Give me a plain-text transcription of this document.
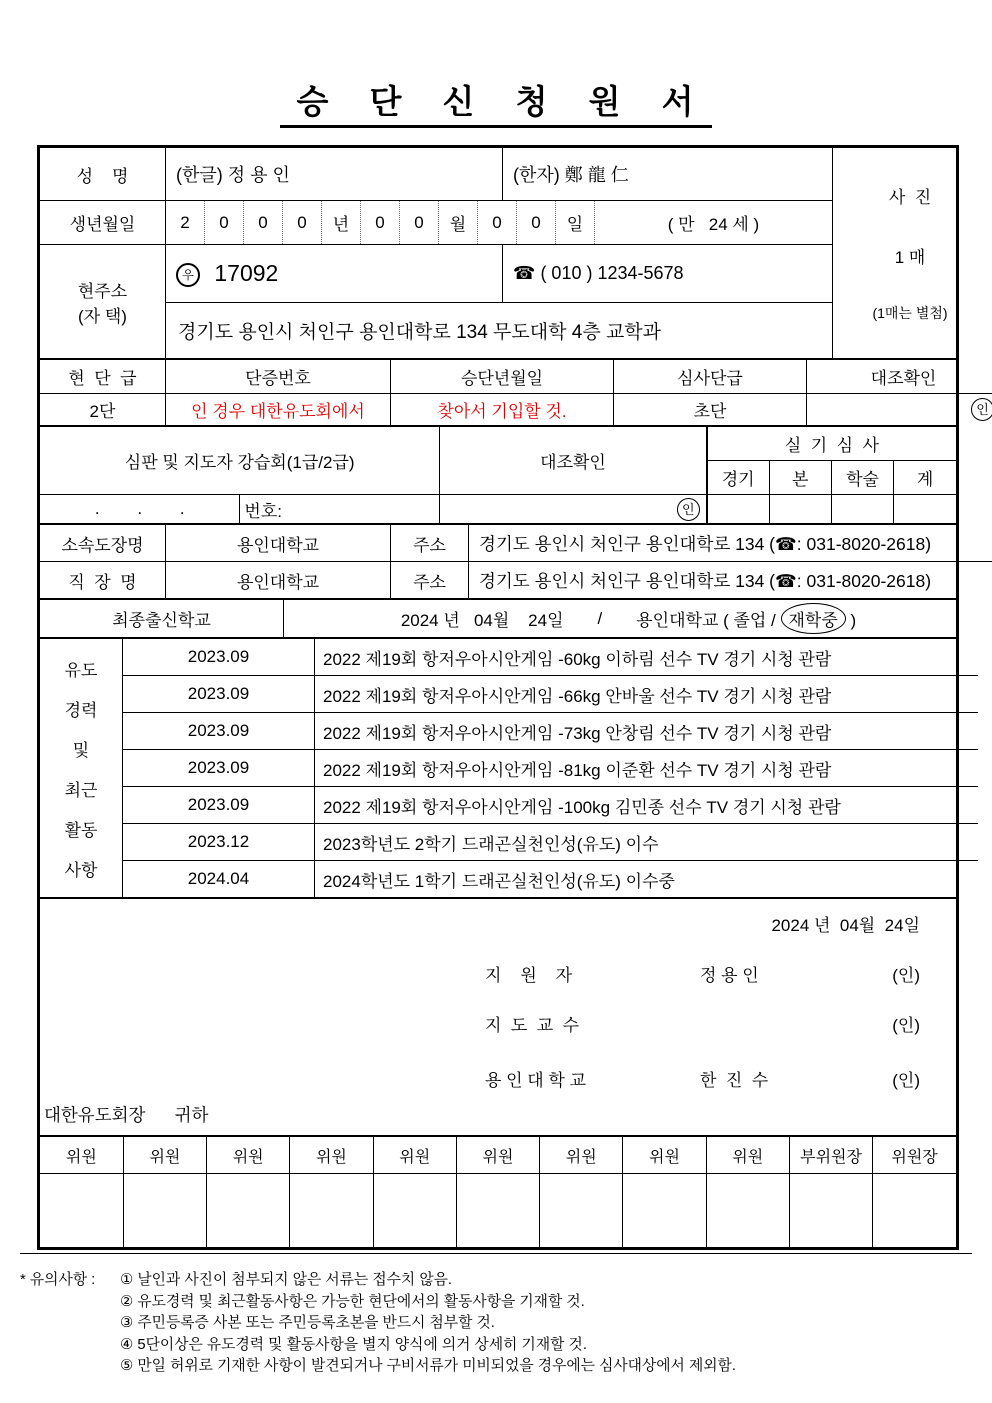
승 단 신 청 원 서
성    명	(한글) 정 용 인	(한자) 鄭 龍 仁	사  진
1 매
(1매는 별첨)

생년월일	2	0	0	0	년	0	0	월	0	0	일	( 만   24 세 )

현주소
(자 택)	우 17092	☎ ( 010 ) 1234-5678	
	경기도 용인시 처인구 용인대학로 134 무도대학 4층 교학과		
현  단  급	단증번호	승단년월일	심사단급	대조확인
2단	인 경우 대한유도회에서	찾아서 기입할 것.	초단	인
심판 및 지도자 강습회(1급/2급)		대조확인	실  기  심  사			
			경기	본	학술	계
.        .        .	번호:	인				
소속도장명	용인대학교	주소	경기도 용인시 처인구 용인대학로 134 (☎: 031-8020-2618)
직  장  명	용인대학교	주소	경기도 용인시 처인구 용인대학로 134 (☎: 031-8020-2618)
최종출신학교	2024 년   04월    24일 / 용인대학교 ( 졸업 / 재학중 )
유도
경력
및
최근
활동
사항
	2023.09	2022 제19회 항저우아시안게임 -60kg 이하림 선수 TV 경기 시청 관람
	2023.09	2022 제19회 항저우아시안게임 -66kg 안바울 선수 TV 경기 시청 관람
	2023.09	2022 제19회 항저우아시안게임 -73kg 안창림 선수 TV 경기 시청 관람
	2023.09	2022 제19회 항저우아시안게임 -81kg 이준환 선수 TV 경기 시청 관람
	2023.09	2022 제19회 항저우아시안게임 -100kg 김민종 선수 TV 경기 시청 관람
	2023.12	2023학년도 2학기 드래곤실천인성(유도) 이수
	2024.04	2024학년도 1학기 드래곤실천인성(유도) 이수중
2024 년  04월  24일
지    원    자	정 용 인	(인)
지  도  교  수	(인)
용 인 대 학 교	한  진  수	(인)
대한유도회장      귀하
위원	위원	위원	위원	위원	위원	위원	위원	위원	부위원장	위원장

* 유의사항 :	① 날인과 사진이 첨부되지 않은 서류는 접수치 않음.
② 유도경력 및 최근활동사항은 가능한 현단에서의 활동사항을 기재할 것.
③ 주민등록증 사본 또는 주민등록초본을 반드시 첨부할 것.
④ 5단이상은 유도경력 및 활동사항을 별지 양식에 의거 상세히 기재할 것.
⑤ 만일 허위로 기재한 사항이 발견되거나 구비서류가 미비되었을 경우에는 심사대상에서 제외함.
